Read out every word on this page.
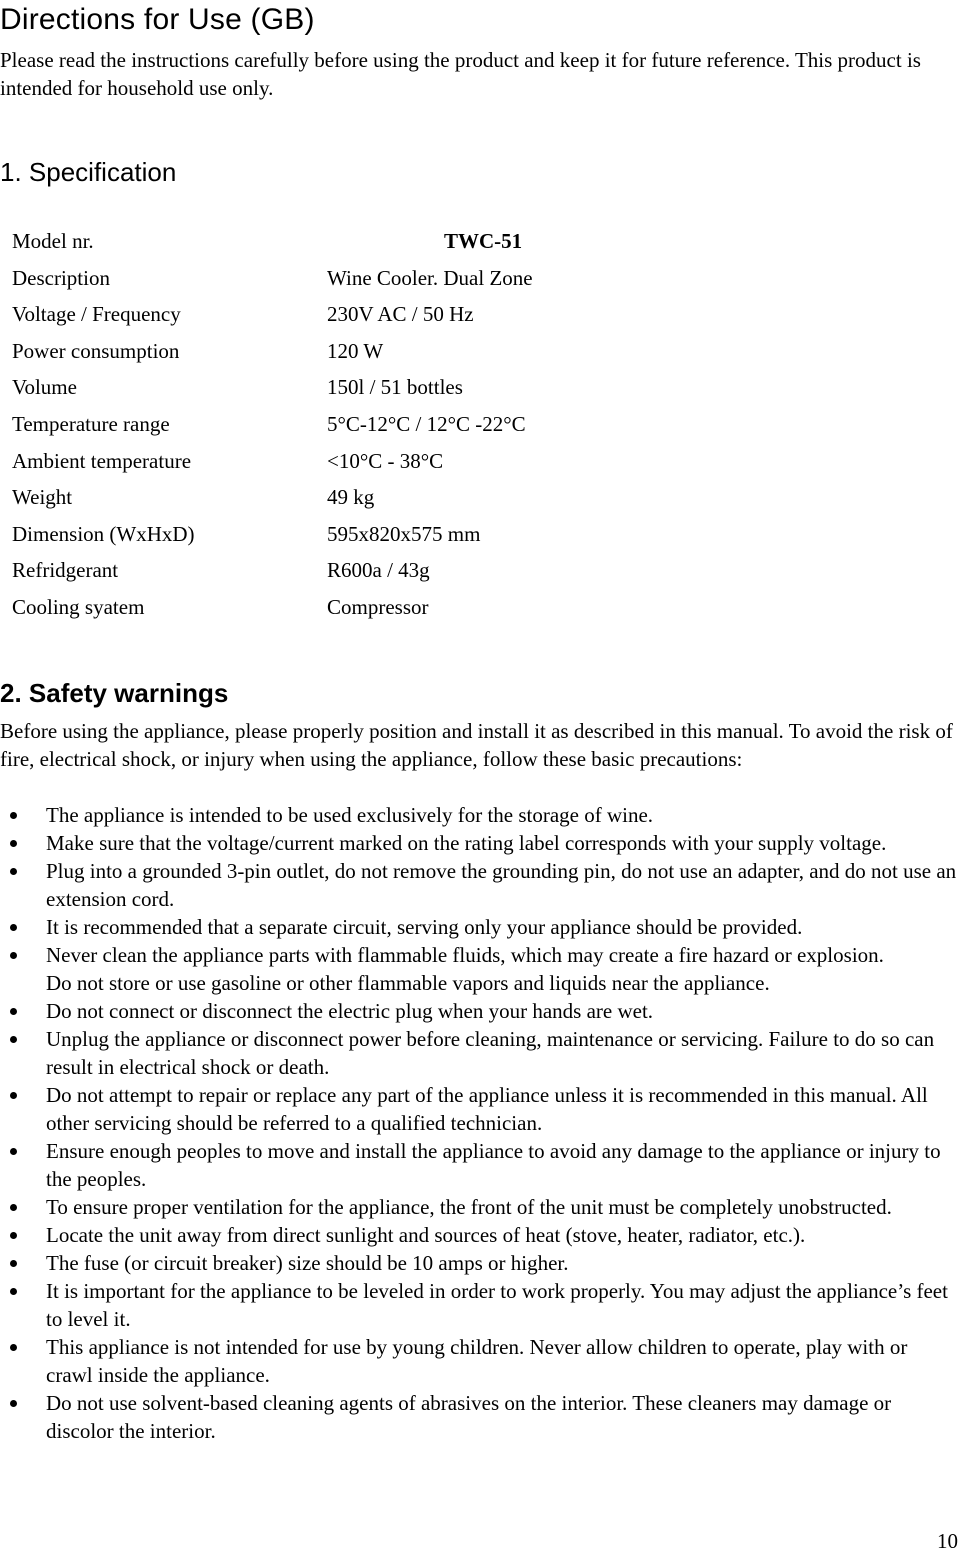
Directions for Use (GB)
Please read the instructions carefully before using the product and keep it for future reference. This product is intended for household use only.
1. Specification
Model nr.	TWC-51
Description	Wine Cooler. Dual Zone
Voltage / Frequency	230V AC / 50 Hz
Power consumption	120 W
Volume	150l / 51 bottles
Temperature range	5°C-12°C / 12°C -22°C
Ambient temperature	<10°C - 38°C
Weight	49 kg
Dimension (WxHxD)	595x820x575 mm
Refridgerant	R600a / 43g
Cooling syatem	Compressor
2. Safety warnings
Before using the appliance, please properly position and install it as described in this manual. To avoid the risk of fire, electrical shock, or injury when using the appliance, follow these basic precautions:
The appliance is intended to be used exclusively for the storage of wine.
Make sure that the voltage/current marked on the rating label corresponds with your supply voltage.
Plug into a grounded 3-pin outlet, do not remove the grounding pin, do not use an adapter, and do not use an extension cord.
It is recommended that a separate circuit, serving only your appliance should be provided.
Never clean the appliance parts with flammable fluids, which may create a fire hazard or explosion.
Do not store or use gasoline or other flammable vapors and liquids near the appliance.
Do not connect or disconnect the electric plug when your hands are wet.
Unplug the appliance or disconnect power before cleaning, maintenance or servicing. Failure to do so can result in electrical shock or death.
Do not attempt to repair or replace any part of the appliance unless it is recommended in this manual. All other servicing should be referred to a qualified technician.
Ensure enough peoples to move and install the appliance to avoid any damage to the appliance or injury to the peoples.
To ensure proper ventilation for the appliance, the front of the unit must be completely unobstructed.
Locate the unit away from direct sunlight and sources of heat (stove, heater, radiator, etc.).
The fuse (or circuit breaker) size should be 10 amps or higher.
It is important for the appliance to be leveled in order to work properly. You may adjust the appliance’s feet to level it.
This appliance is not intended for use by young children. Never allow children to operate, play with or crawl inside the appliance.
Do not use solvent-based cleaning agents of abrasives on the interior. These cleaners may damage or discolor the interior.
10
